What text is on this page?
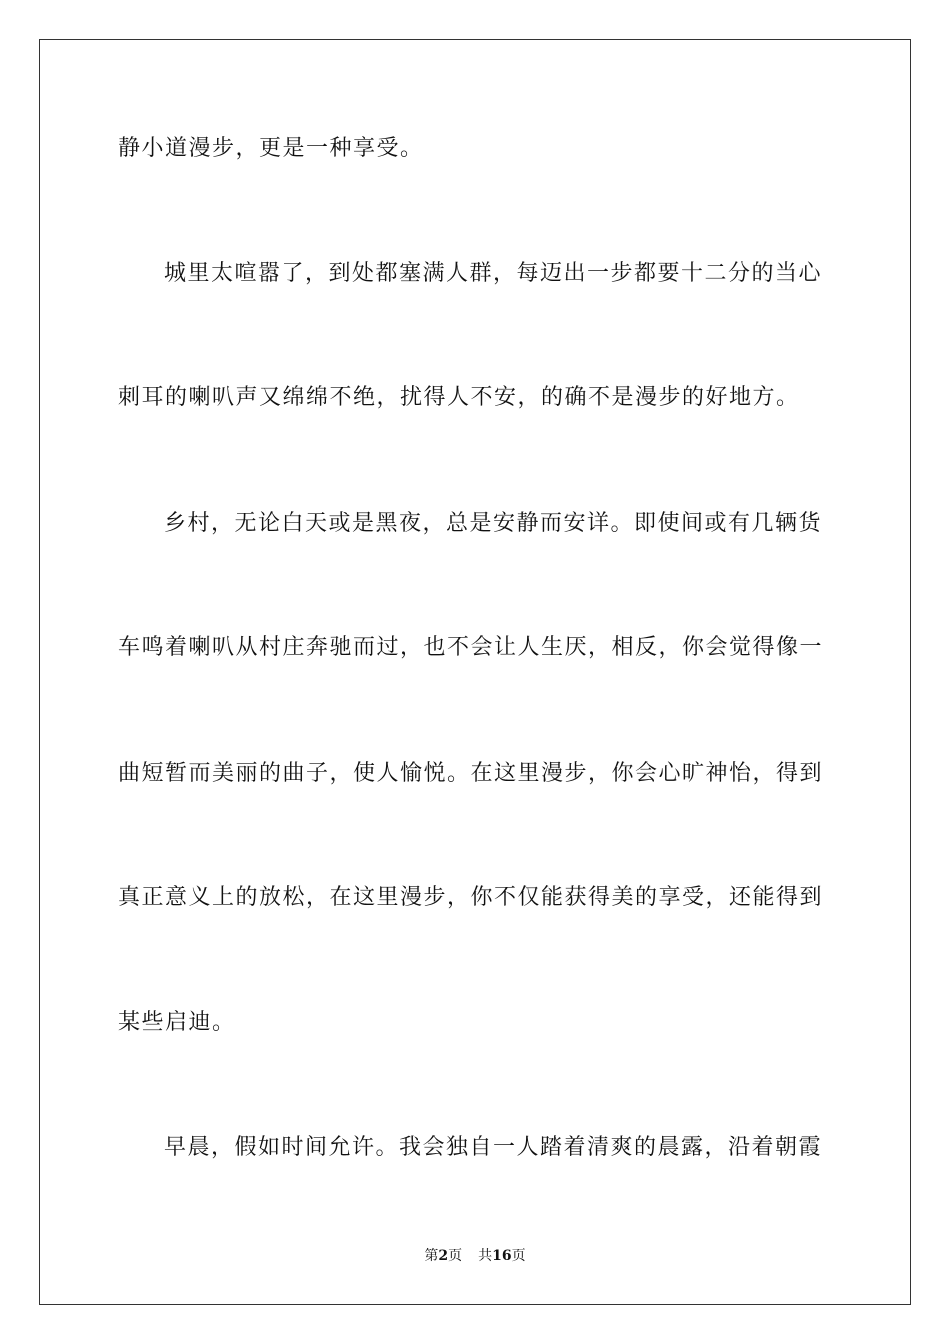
静小道漫步，更是一种享受。
城里太喧嚣了，到处都塞满人群，每迈出一步都要十二分的当心
刺耳的喇叭声又绵绵不绝，扰得人不安，的确不是漫步的好地方。
乡村，无论白天或是黑夜，总是安静而安详。即使间或有几辆货
车鸣着喇叭从村庄奔驰而过，也不会让人生厌，相反，你会觉得像一
曲短暂而美丽的曲子，使人愉悦。在这里漫步，你会心旷神怡，得到
真正意义上的放松，在这里漫步，你不仅能获得美的享受，还能得到
某些启迪。
早晨，假如时间允许。我会独自一人踏着清爽的晨露，沿着朝霞
第2页 共16页
